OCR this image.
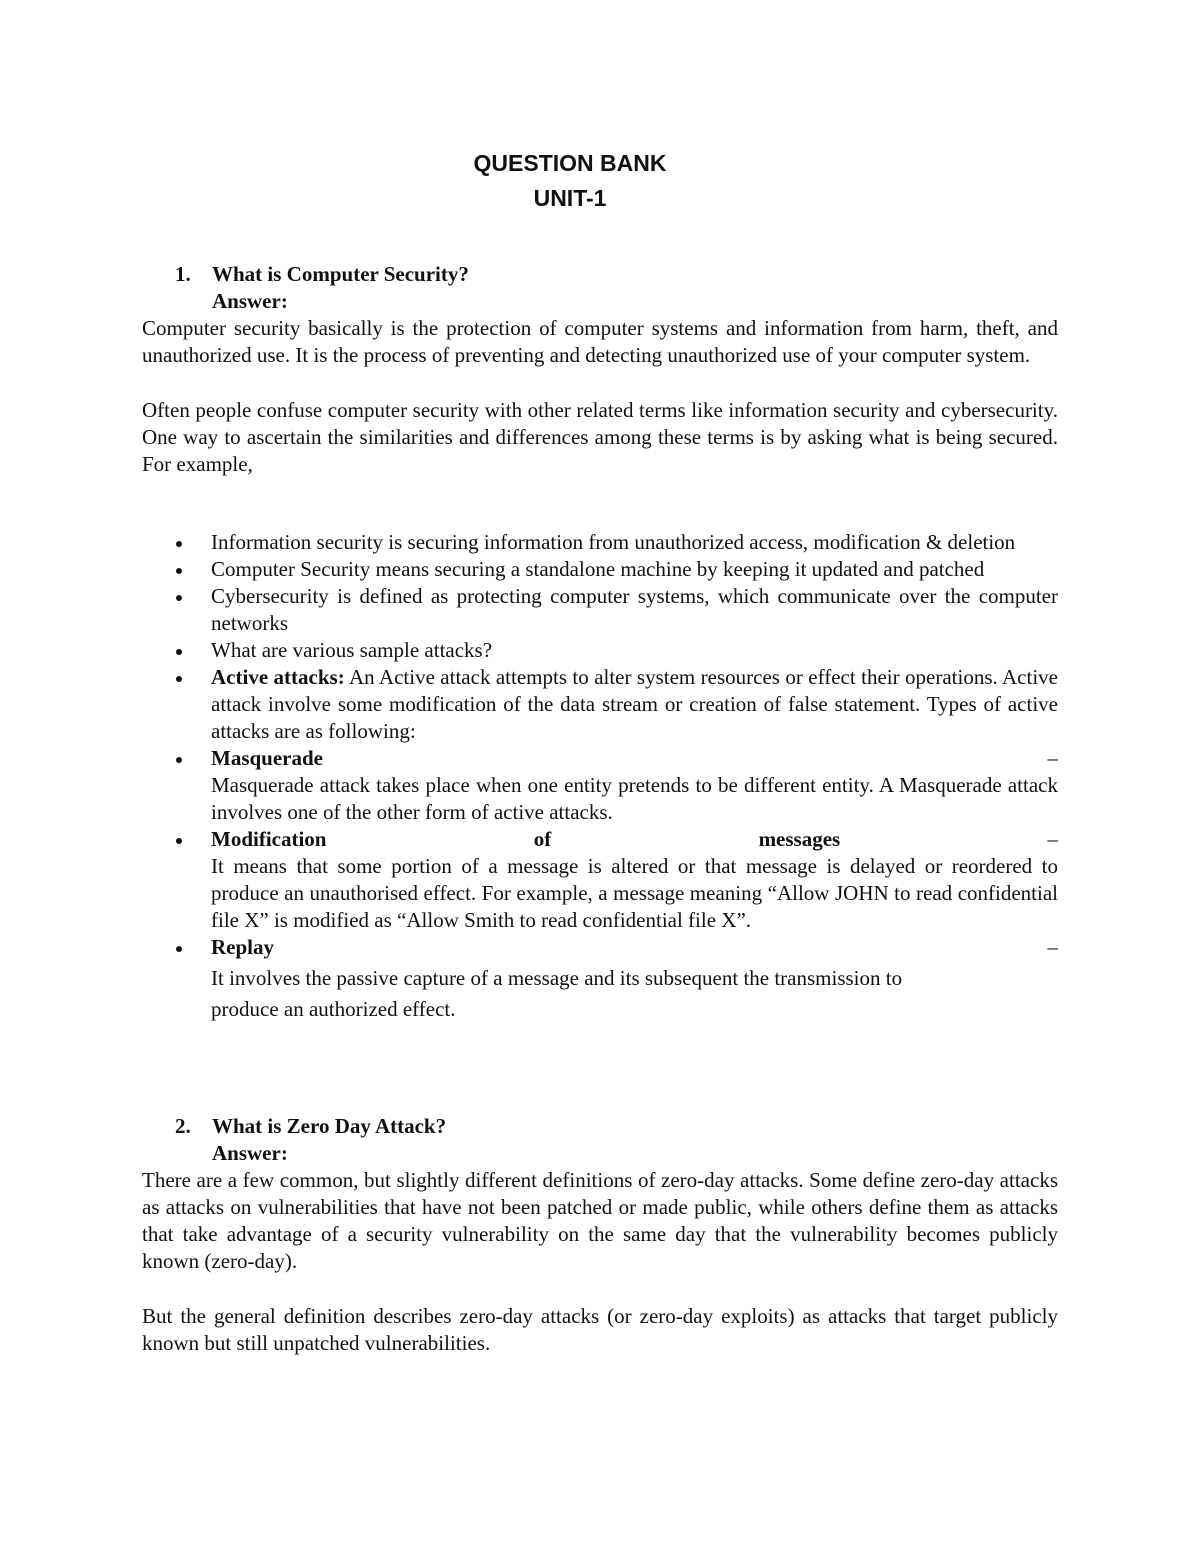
QUESTION BANK
UNIT-1
1. What is Computer Security?
Answer:
Computer security basically is the protection of computer systems and information from harm, theft, and unauthorized use. It is the process of preventing and detecting unauthorized use of your computer system.
Often people confuse computer security with other related terms like information security and cybersecurity. One way to ascertain the similarities and differences among these terms is by asking what is being secured. For example,
Information security is securing information from unauthorized access, modification & deletion
Computer Security means securing a standalone machine by keeping it updated and patched
Cybersecurity is defined as protecting computer systems, which communicate over the computer networks
What are various sample attacks?
Active attacks: An Active attack attempts to alter system resources or effect their operations. Active attack involve some modification of the data stream or creation of false statement. Types of active attacks are as following:
Masquerade	–
Masquerade attack takes place when one entity pretends to be different entity. A Masquerade attack involves one of the other form of active attacks.
Modification	of	messages	–
It means that some portion of a message is altered or that message is delayed or reordered to produce an unauthorised effect. For example, a message meaning “Allow JOHN to read confidential file X” is modified as “Allow Smith to read confidential file X”.
Replay	–
It involves the passive capture of a message and its subsequent the transmission to
produce an authorized effect.
2. What is Zero Day Attack?
Answer:
There are a few common, but slightly different definitions of zero-day attacks. Some define zero-day attacks as attacks on vulnerabilities that have not been patched or made public, while others define them as attacks that take advantage of a security vulnerability on the same day that the vulnerability becomes publicly known (zero-day).
But the general definition describes zero-day attacks (or zero-day exploits) as attacks that target publicly known but still unpatched vulnerabilities.
